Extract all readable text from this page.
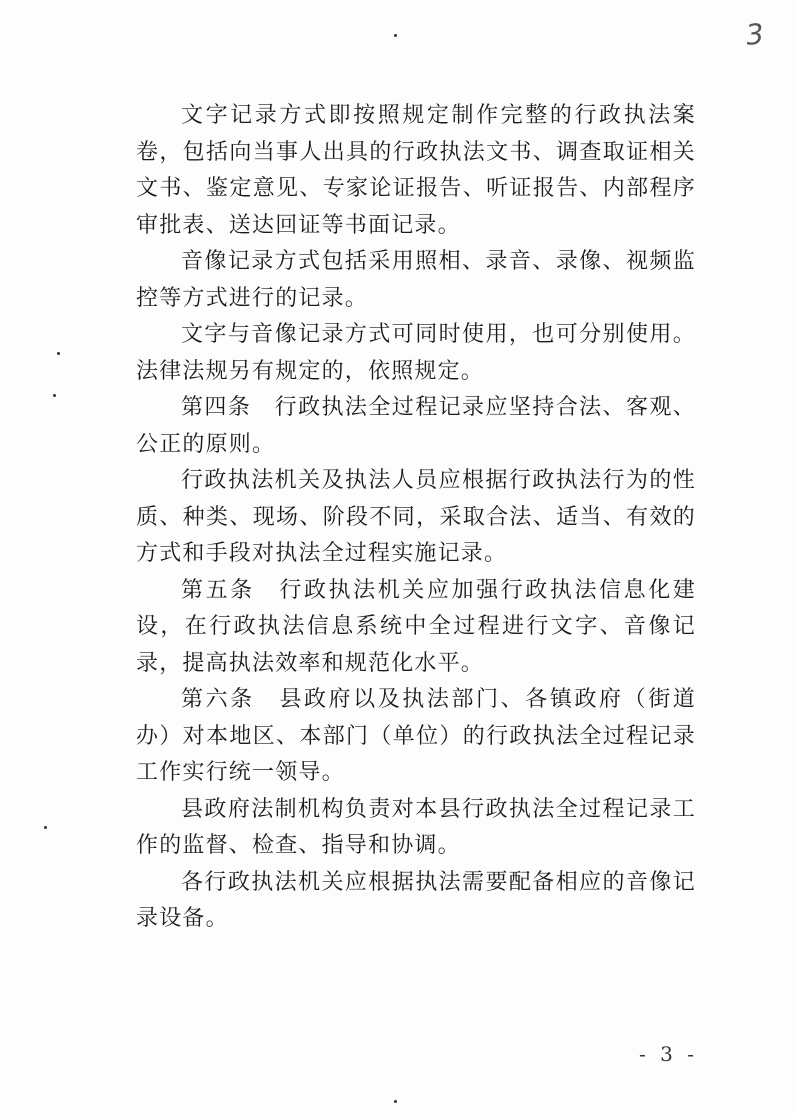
3

文字记录方式即按照规定制作完整的行政执法案卷，包括向当事人出具的行政执法文书、调查取证相关文书、鉴定意见、专家论证报告、听证报告、内部程序审批表、送达回证等书面记录。

音像记录方式包括采用照相、录音、录像、视频监控等方式进行的记录。

文字与音像记录方式可同时使用，也可分别使用。法律法规另有规定的，依照规定。

第四条　行政执法全过程记录应坚持合法、客观、公正的原则。

行政执法机关及执法人员应根据行政执法行为的性质、种类、现场、阶段不同，采取合法、适当、有效的方式和手段对执法全过程实施记录。

第五条　行政执法机关应加强行政执法信息化建设，在行政执法信息系统中全过程进行文字、音像记录，提高执法效率和规范化水平。

第六条　县政府以及执法部门、各镇政府（街道办）对本地区、本部门（单位）的行政执法全过程记录工作实行统一领导。

县政府法制机构负责对本县行政执法全过程记录工作的监督、检查、指导和协调。

各行政执法机关应根据执法需要配备相应的音像记录设备。

- 3 -
